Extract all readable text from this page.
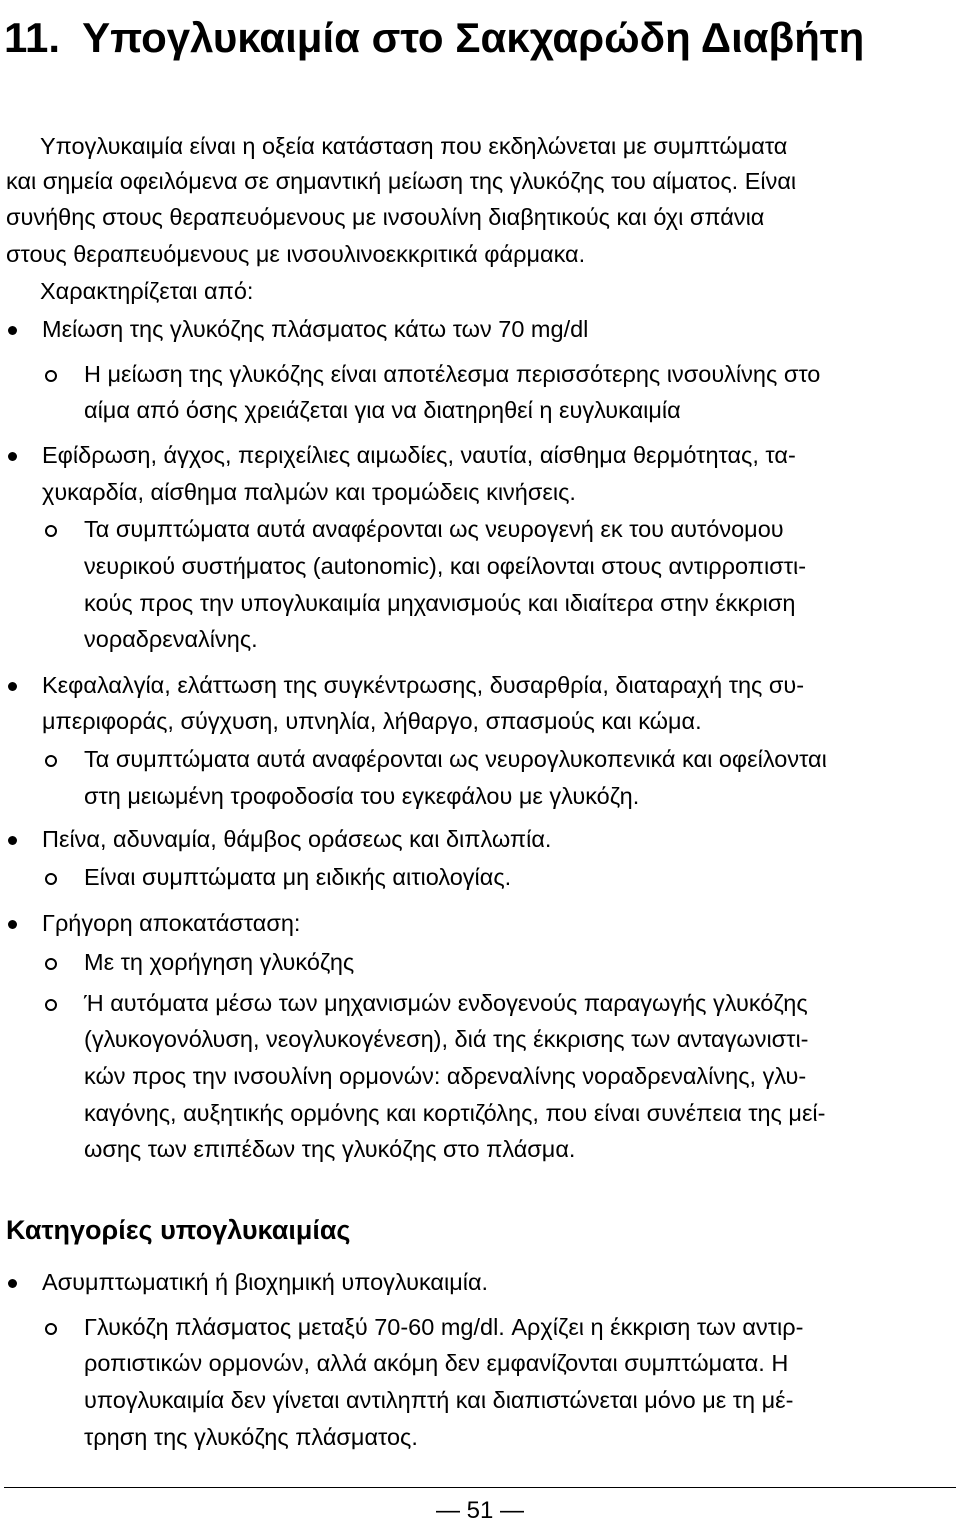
11. Υπογλυκαιμία στο Σακχαρώδη Διαβήτη
Υπογλυκαιμία είναι η οξεία κατάσταση που εκδηλώνεται με συμπτώματα
και σημεία οφειλόμενα σε σημαντική μείωση της γλυκόζης του αίματος. Είναι
συνήθης στους θεραπευόμενους με ινσουλίνη διαβητικούς και όχι σπάνια
στους θεραπευόμενους με ινσουλινοεκκριτικά φάρμακα.
Χαρακτηρίζεται από:
Μείωση της γλυκόζης πλάσματος κάτω των 70 mg/dl
Η μείωση της γλυκόζης είναι αποτέλεσμα περισσότερης ινσουλίνης στο
αίμα από όσης χρειάζεται για να διατηρηθεί η ευγλυκαιμία
Εφίδρωση, άγχος, περιχείλιες αιμωδίες, ναυτία, αίσθημα θερμότητας, τα-
χυκαρδία, αίσθημα παλμών και τρομώδεις κινήσεις.
Τα συμπτώματα αυτά αναφέρονται ως νευρογενή εκ του αυτόνομου
νευρικού συστήματος (autonomic), και οφείλονται στους αντιρροπιστι-
κούς προς την υπογλυκαιμία μηχανισμούς και ιδιαίτερα στην έκκριση
νοραδρεναλίνης.
Κεφαλαλγία, ελάττωση της συγκέντρωσης, δυσαρθρία, διαταραχή της συ-
μπεριφοράς, σύγχυση, υπνηλία, λήθαργο, σπασμούς και κώμα.
Τα συμπτώματα αυτά αναφέρονται ως νευρογλυκοπενικά και οφείλονται
στη μειωμένη τροφοδοσία του εγκεφάλου με γλυκόζη.
Πείνα, αδυναμία, θάμβος οράσεως και διπλωπία.
Είναι συμπτώματα μη ειδικής αιτιολογίας.
Γρήγορη αποκατάσταση:
Με τη χορήγηση γλυκόζης
Ή αυτόματα μέσω των μηχανισμών ενδογενούς παραγωγής γλυκόζης
(γλυκογονόλυση, νεογλυκογένεση), διά της έκκρισης των ανταγωνιστι-
κών προς την ινσουλίνη ορμονών: αδρεναλίνης νοραδρεναλίνης, γλυ-
καγόνης, αυξητικής ορμόνης και κορτιζόλης, που είναι συνέπεια της μεί-
ωσης των επιπέδων της γλυκόζης στο πλάσμα.
Κατηγορίες υπογλυκαιμίας
Ασυμπτωματική ή βιοχημική υπογλυκαιμία.
Γλυκόζη πλάσματος μεταξύ 70-60 mg/dl. Αρχίζει η έκκριση των αντιρ-
ροπιστικών ορμονών, αλλά ακόμη δεν εμφανίζονται συμπτώματα. Η
υπογλυκαιμία δεν γίνεται αντιληπτή και διαπιστώνεται μόνο με τη μέ-
τρηση της γλυκόζης πλάσματος.
— 51 —
